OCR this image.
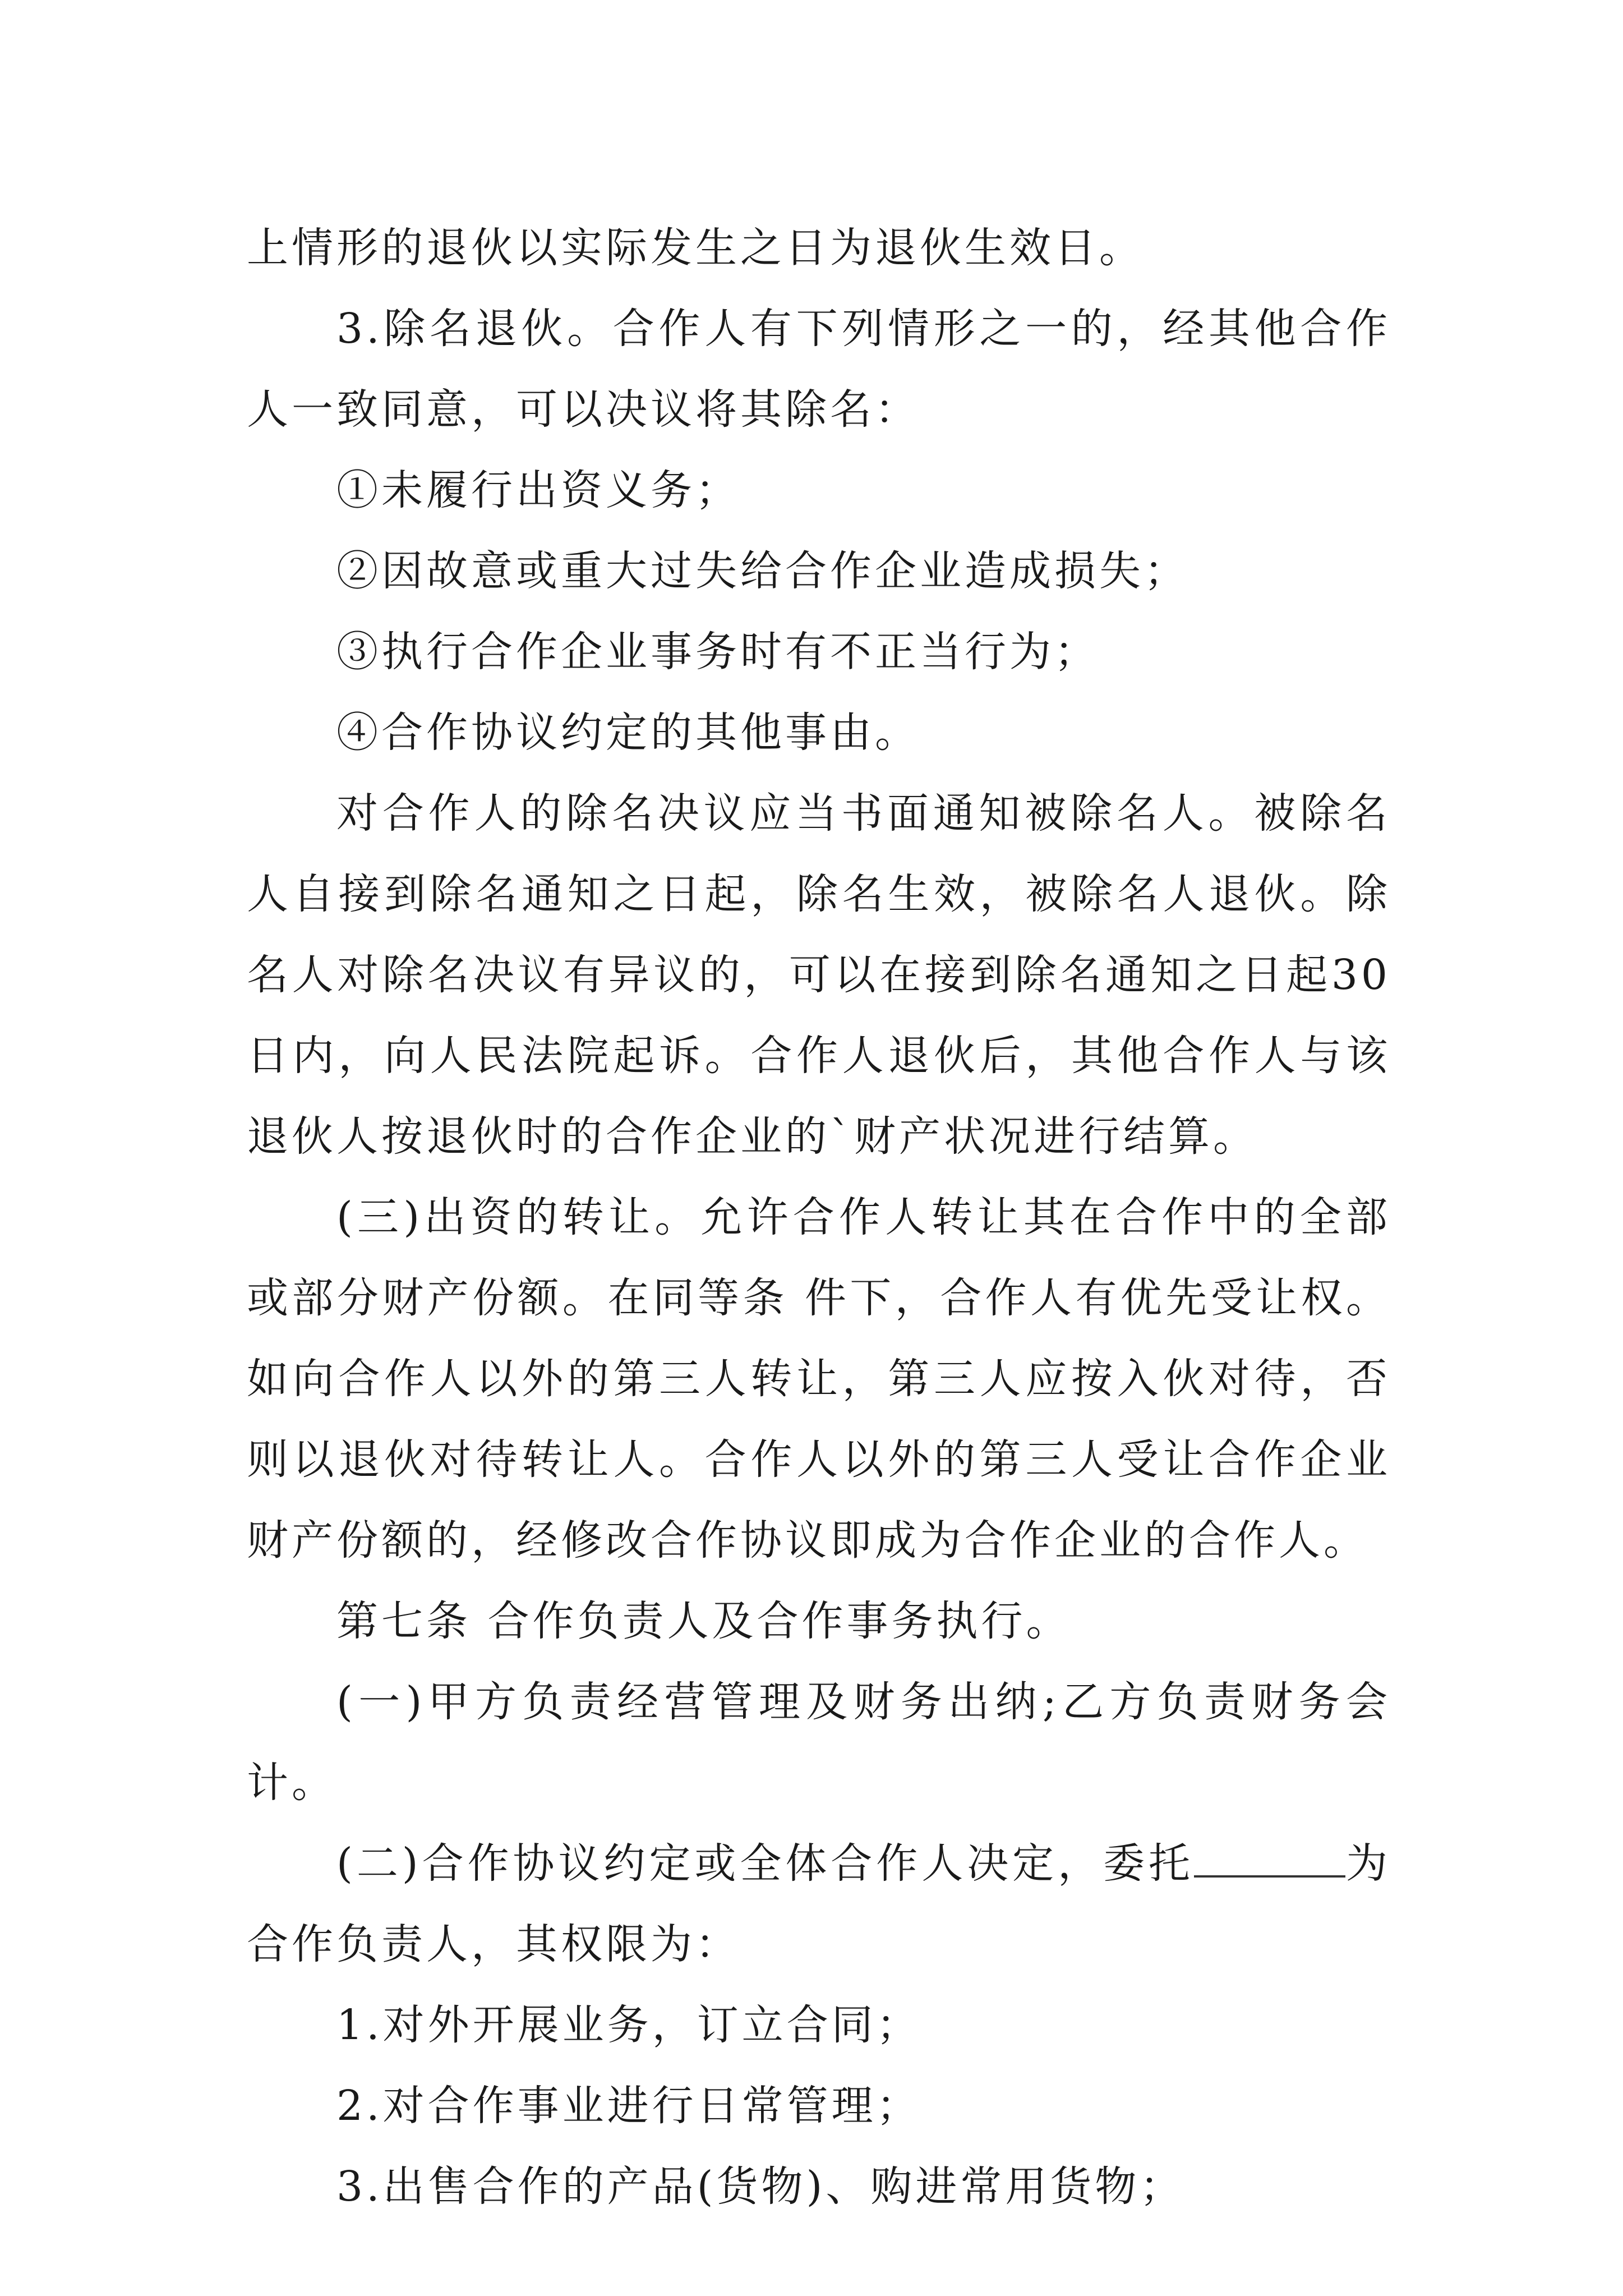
上情形的退伙以实际发生之日为退伙生效日。

3.除名退伙。合作人有下列情形之一的，经其他合作人一致同意，可以决议将其除名：

①未履行出资义务；

②因故意或重大过失给合作企业造成损失；

③执行合作企业事务时有不正当行为；

④合作协议约定的其他事由。

对合作人的除名决议应当书面通知被除名人。被除名人自接到除名通知之日起，除名生效，被除名人退伙。除名人对除名决议有异议的，可以在接到除名通知之日起30日内，向人民法院起诉。合作人退伙后，其他合作人与该退伙人按退伙时的合作企业的`财产状况进行结算。

(三)出资的转让。允许合作人转让其在合作中的全部或部分财产份额。在同等条 件下，合作人有优先受让权。如向合作人以外的第三人转让，第三人应按入伙对待，否则以退伙对待转让人。合作人以外的第三人受让合作企业财产份额的，经修改合作协议即成为合作企业的合作人。

第七条 合作负责人及合作事务执行。

(一)甲方负责经营管理及财务出纳;乙方负责财务会计。

(二)合作协议约定或全体合作人决定，委托	为合作负责人，其权限为：

1.对外开展业务，订立合同；

2.对合作事业进行日常管理；

3.出售合作的产品(货物)、购进常用货物；
